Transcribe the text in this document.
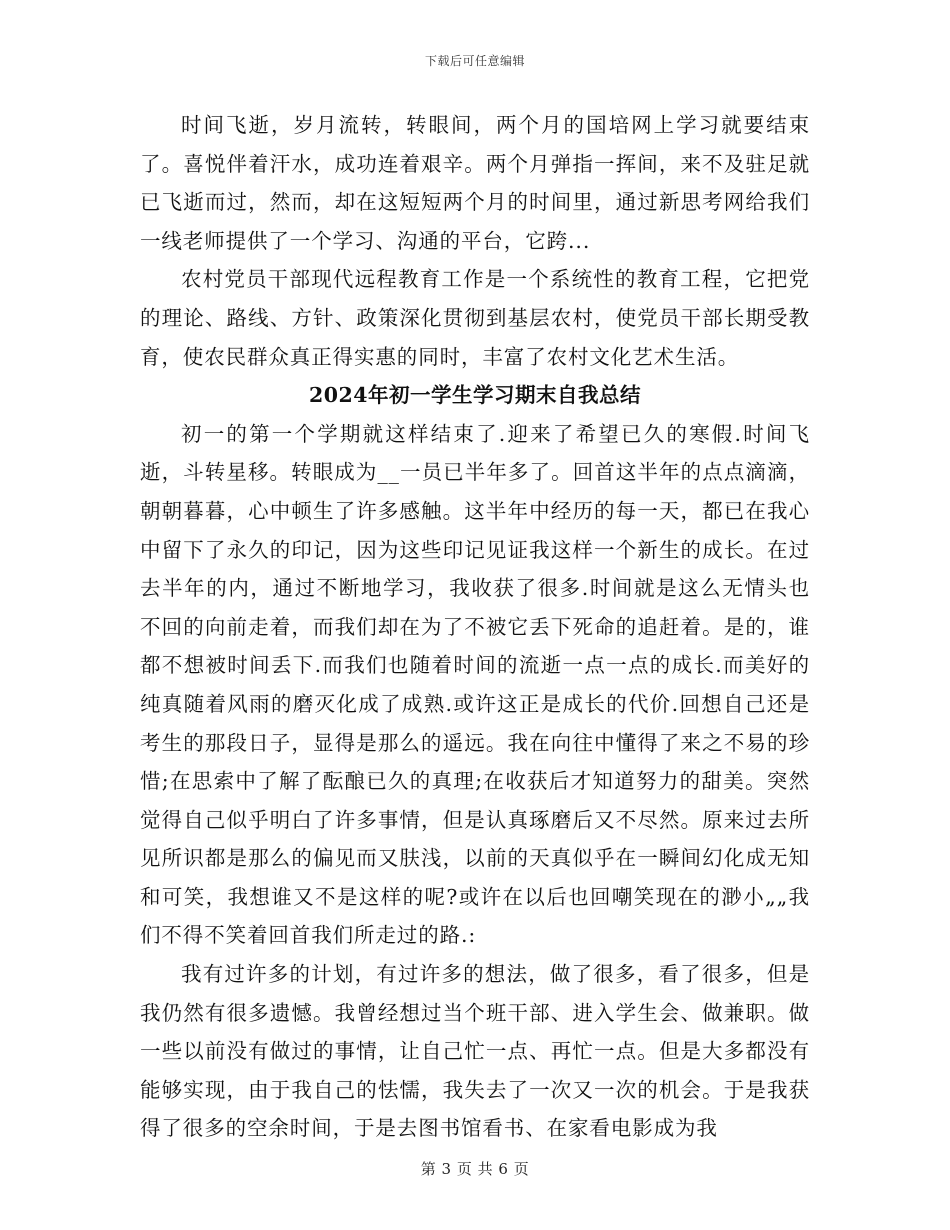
下载后可任意编辑

时间飞逝，岁月流转，转眼间，两个月的国培网上学习就要结束了。喜悦伴着汗水，成功连着艰辛。两个月弹指一挥间，来不及驻足就已飞逝而过，然而，却在这短短两个月的时间里，通过新思考网给我们一线老师提供了一个学习、沟通的平台，它跨...

农村党员干部现代远程教育工作是一个系统性的教育工程，它把党的理论、路线、方针、政策深化贯彻到基层农村，使党员干部长期受教育，使农民群众真正得实惠的同时，丰富了农村文化艺术生活。

2024年初一学生学习期末自我总结

初一的第一个学期就这样结束了.迎来了希望已久的寒假.时间飞逝，斗转星移。转眼成为__一员已半年多了。回首这半年的点点滴滴，朝朝暮暮，心中顿生了许多感触。这半年中经历的每一天，都已在我心中留下了永久的印记，因为这些印记见证我这样一个新生的成长。在过去半年的内，通过不断地学习，我收获了很多.时间就是这么无情头也不回的向前走着，而我们却在为了不被它丢下死命的追赶着。是的，谁都不想被时间丢下.而我们也随着时间的流逝一点一点的成长.而美好的纯真随着风雨的磨灭化成了成熟.或许这正是成长的代价.回想自己还是考生的那段日子，显得是那么的遥远。我在向往中懂得了来之不易的珍惜;在思索中了解了酝酿已久的真理;在收获后才知道努力的甜美。突然觉得自己似乎明白了许多事情，但是认真琢磨后又不尽然。原来过去所见所识都是那么的偏见而又肤浅，以前的天真似乎在一瞬间幻化成无知和可笑，我想谁又不是这样的呢?或许在以后也回嘲笑现在的渺小„„我们不得不笑着回首我们所走过的路.:

我有过许多的计划，有过许多的想法，做了很多，看了很多，但是我仍然有很多遗憾。我曾经想过当个班干部、进入学生会、做兼职。做一些以前没有做过的事情，让自己忙一点、再忙一点。但是大多都没有能够实现，由于我自己的怯懦，我失去了一次又一次的机会。于是我获得了很多的空余时间，于是去图书馆看书、在家看电影成为我

第 3 页 共 6 页
